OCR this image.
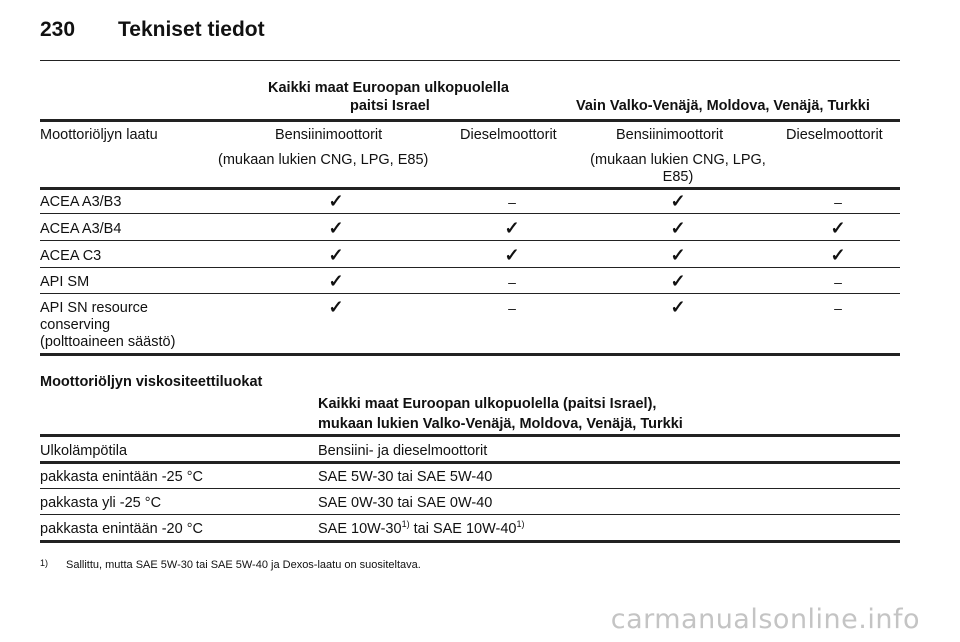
230 Tekniset tiedot
Kaikki maat Euroopan ulkopuolella
paitsi Israel	Vain Valko-Venäjä, Moldova, Venäjä, Turkki
Moottoriöljyn laatu	Bensiinimoottorit	Dieselmoottorit	Bensiinimoottorit	Dieselmoottorit
(mukaan lukien CNG, LPG, E85)	(mukaan lukien CNG, LPG,
E85)
ACEA A3/B3	✓	–	✓	–
ACEA A3/B4	✓	✓	✓	✓
ACEA C3	✓	✓	✓	✓
API SM	✓	–	✓	–
API SN resource
conserving
(polttoaineen säästö)
✓	–	✓	–
Moottoriöljyn viskositeettiluokat
Kaikki maat Euroopan ulkopuolella (paitsi Israel),
mukaan lukien Valko-Venäjä, Moldova, Venäjä, Turkki
Ulkolämpötila	Bensiini- ja dieselmoottorit
pakkasta enintään -25 °C	SAE 5W-30 tai SAE 5W-40
pakkasta yli -25 °C	SAE 0W-30 tai SAE 0W-40
pakkasta enintään -20 °C	SAE 10W-30$^{1)}$ tai SAE 10W-40$^{1)}$
1) Sallittu, mutta SAE 5W-30 tai SAE 5W-40 ja Dexos-laatu on suositeltava.
carmanualsonline.info
